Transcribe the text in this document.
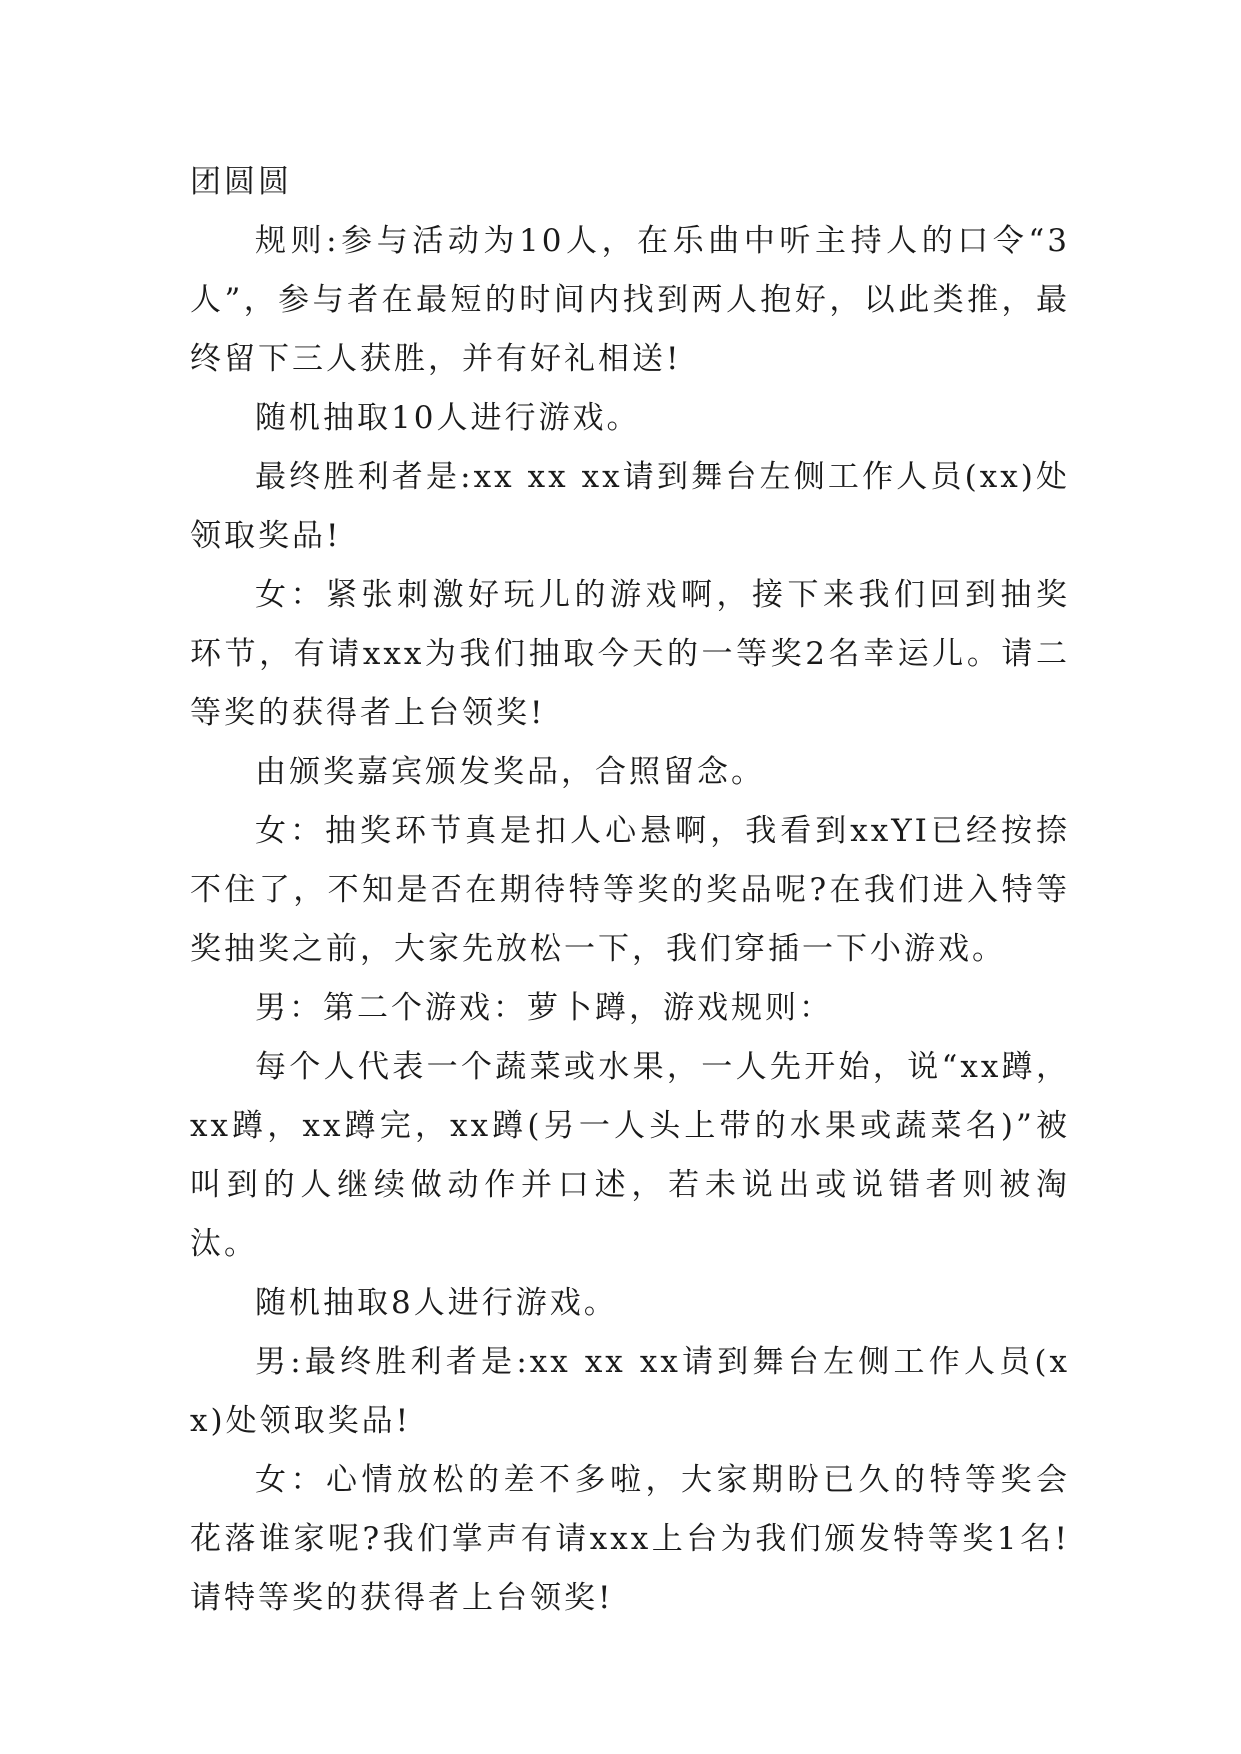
团圆圆

规则:参与活动为10人，在乐曲中听主持人的口令“3人”，参与者在最短的时间内找到两人抱好，以此类推，最终留下三人获胜，并有好礼相送!

随机抽取10人进行游戏。

最终胜利者是:xx xx xx请到舞台左侧工作人员(xx)处领取奖品!

女：紧张刺激好玩儿的游戏啊，接下来我们回到抽奖环节，有请xxx为我们抽取今天的一等奖2名幸运儿。请二等奖的获得者上台领奖!

由颁奖嘉宾颁发奖品，合照留念。

女：抽奖环节真是扣人心悬啊，我看到xxYI已经按捺不住了，不知是否在期待特等奖的奖品呢?在我们进入特等奖抽奖之前，大家先放松一下，我们穿插一下小游戏。

男：第二个游戏：萝卜蹲，游戏规则：

每个人代表一个蔬菜或水果，一人先开始，说“xx蹲，xx蹲，xx蹲完，xx蹲(另一人头上带的水果或蔬菜名)”被叫到的人继续做动作并口述，若未说出或说错者则被淘汰。

随机抽取8人进行游戏。

男:最终胜利者是:xx xx xx请到舞台左侧工作人员(xx)处领取奖品!

女：心情放松的差不多啦，大家期盼已久的特等奖会花落谁家呢?我们掌声有请xxx上台为我们颁发特等奖1名!请特等奖的获得者上台领奖!
